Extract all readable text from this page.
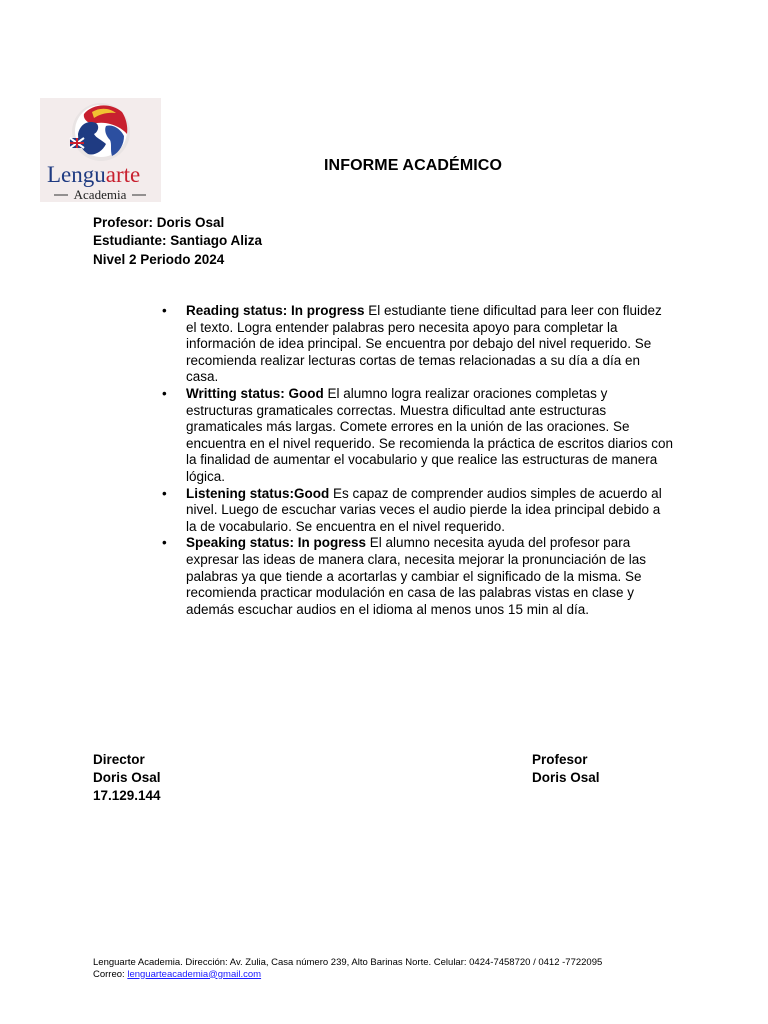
Lenguarte
Academia
INFORME ACADÉMICO
Profesor: Doris Osal
Estudiante: Santiago Aliza
Nivel 2 Periodo 2024
• Reading status: In progress El estudiante tiene dificultad para leer con fluidez el texto. Logra entender palabras pero necesita apoyo para completar la información de idea principal. Se encuentra por debajo del nivel requerido. Se recomienda realizar lecturas cortas de temas relacionadas a su día a día en casa.
• Writting status: Good El alumno logra realizar oraciones completas y estructuras gramaticales correctas. Muestra dificultad ante estructuras gramaticales más largas. Comete errores en la unión de las oraciones. Se encuentra en el nivel requerido. Se recomienda la práctica de escritos diarios con la finalidad de aumentar el vocabulario y que realice las estructuras de manera lógica.
• Listening status:Good Es capaz de comprender audios simples de acuerdo al nivel. Luego de escuchar varias veces el audio pierde la idea principal debido a la de vocabulario. Se encuentra en el nivel requerido.
• Speaking status: In pogress El alumno necesita ayuda del profesor para expresar las ideas de manera clara, necesita mejorar la pronunciación de las palabras ya que tiende a acortarlas y cambiar el significado de la misma. Se recomienda practicar modulación en casa de las palabras vistas en clase y además escuchar audios en el idioma al menos unos 15 min al día.
Director
Doris Osal
17.129.144
Profesor
Doris Osal
Lenguarte Academia. Dirección: Av. Zulia, Casa número 239, Alto Barinas Norte. Celular: 0424-7458720 / 0412 -7722095
Correo: lenguarteacademia@gmail.com
